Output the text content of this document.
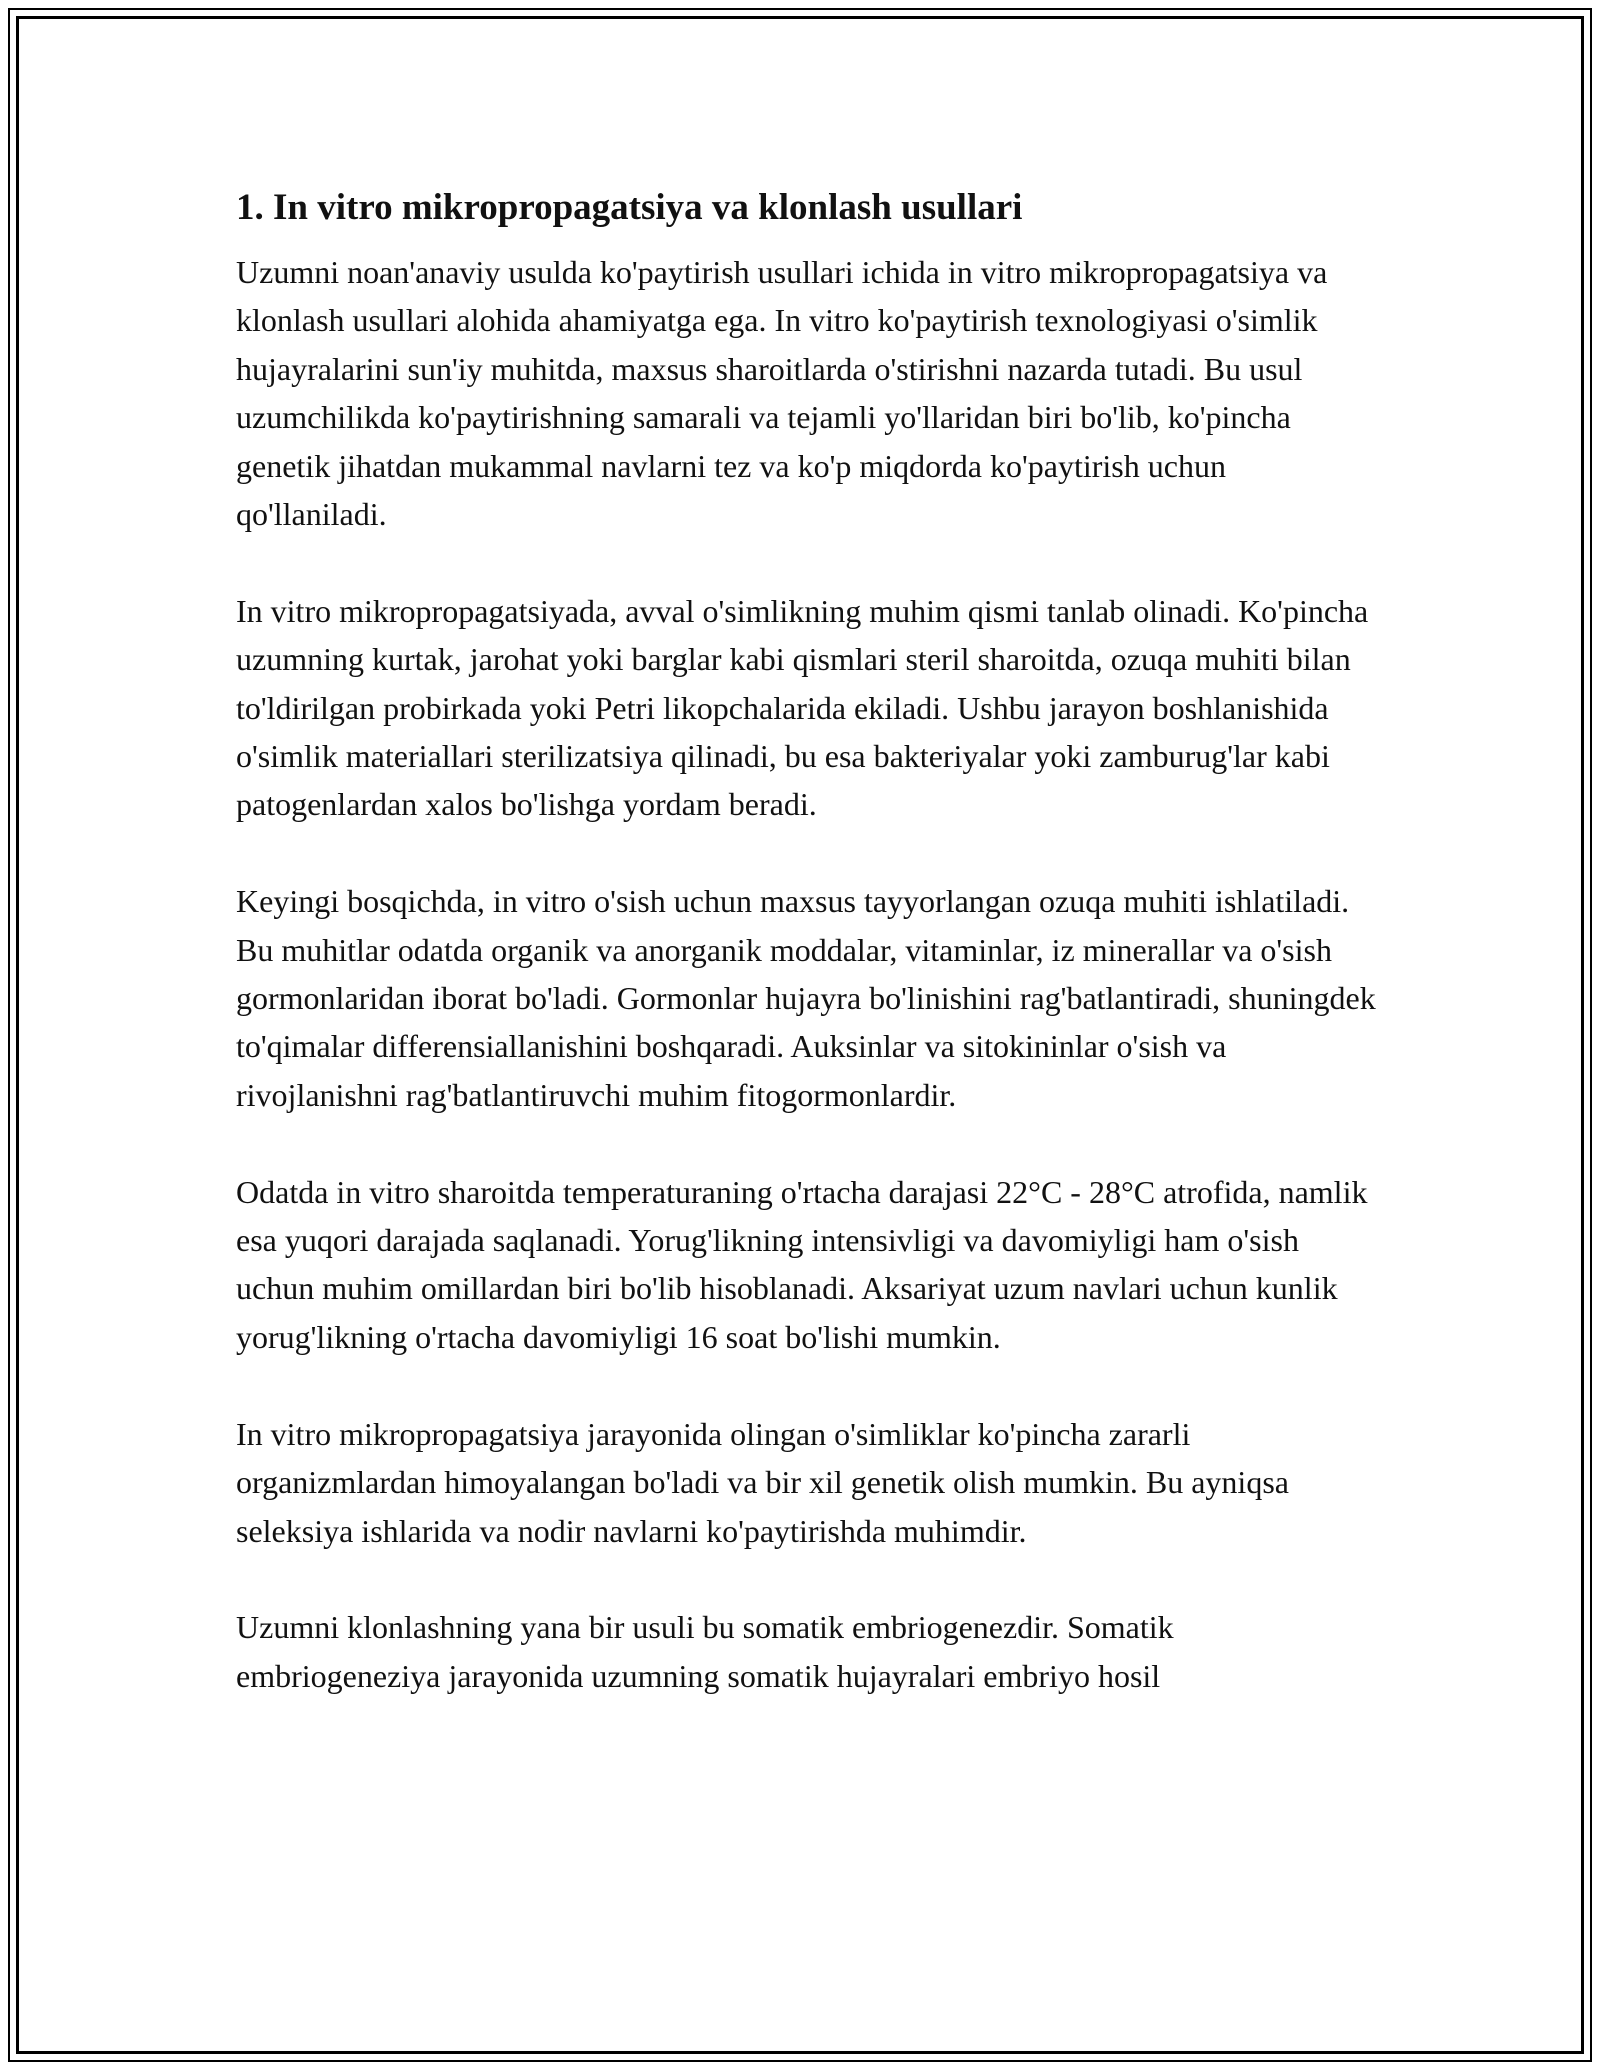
1. In vitro mikropropagatsiya va klonlash usullari

Uzumni noan'anaviy usulda ko'paytirish usullari ichida in vitro mikropropagatsiya va klonlash usullari alohida ahamiyatga ega. In vitro ko'paytirish texnologiyasi o'simlik hujayralarini sun'iy muhitda, maxsus sharoitlarda o'stirishni nazarda tutadi. Bu usul uzumchilikda ko'paytirishning samarali va tejamli yo'llaridan biri bo'lib, ko'pincha genetik jihatdan mukammal navlarni tez va ko'p miqdorda ko'paytirish uchun qo'llaniladi.

In vitro mikropropagatsiyada, avval o'simlikning muhim qismi tanlab olinadi. Ko'pincha uzumning kurtak, jarohat yoki barglar kabi qismlari steril sharoitda, ozuqa muhiti bilan to'ldirilgan probirkada yoki Petri likopchalarida ekiladi. Ushbu jarayon boshlanishida o'simlik materiallari sterilizatsiya qilinadi, bu esa bakteriyalar yoki zamburug'lar kabi patogenlardan xalos bo'lishga yordam beradi.

Keyingi bosqichda, in vitro o'sish uchun maxsus tayyorlangan ozuqa muhiti ishlatiladi. Bu muhitlar odatda organik va anorganik moddalar, vitaminlar, iz minerallar va o'sish gormonlaridan iborat bo'ladi. Gormonlar hujayra bo'linishini rag'batlantiradi, shuningdek to'qimalar differensiallanishini boshqaradi. Auksinlar va sitokininlar o'sish va rivojlanishni rag'batlantiruvchi muhim fitogormonlardir.

Odatda in vitro sharoitda temperaturaning o'rtacha darajasi 22°C - 28°C atrofida, namlik esa yuqori darajada saqlanadi. Yorug'likning intensivligi va davomiyligi ham o'sish uchun muhim omillardan biri bo'lib hisoblanadi. Aksariyat uzum navlari uchun kunlik yorug'likning o'rtacha davomiyligi 16 soat bo'lishi mumkin.

In vitro mikropropagatsiya jarayonida olingan o'simliklar ko'pincha zararli organizmlardan himoyalangan bo'ladi va bir xil genetik olish mumkin. Bu ayniqsa seleksiya ishlarida va nodir navlarni ko'paytirishda muhimdir.

Uzumni klonlashning yana bir usuli bu somatik embriogenezdir. Somatik embriogeneziya jarayonida uzumning somatik hujayralari embriyo hosil
